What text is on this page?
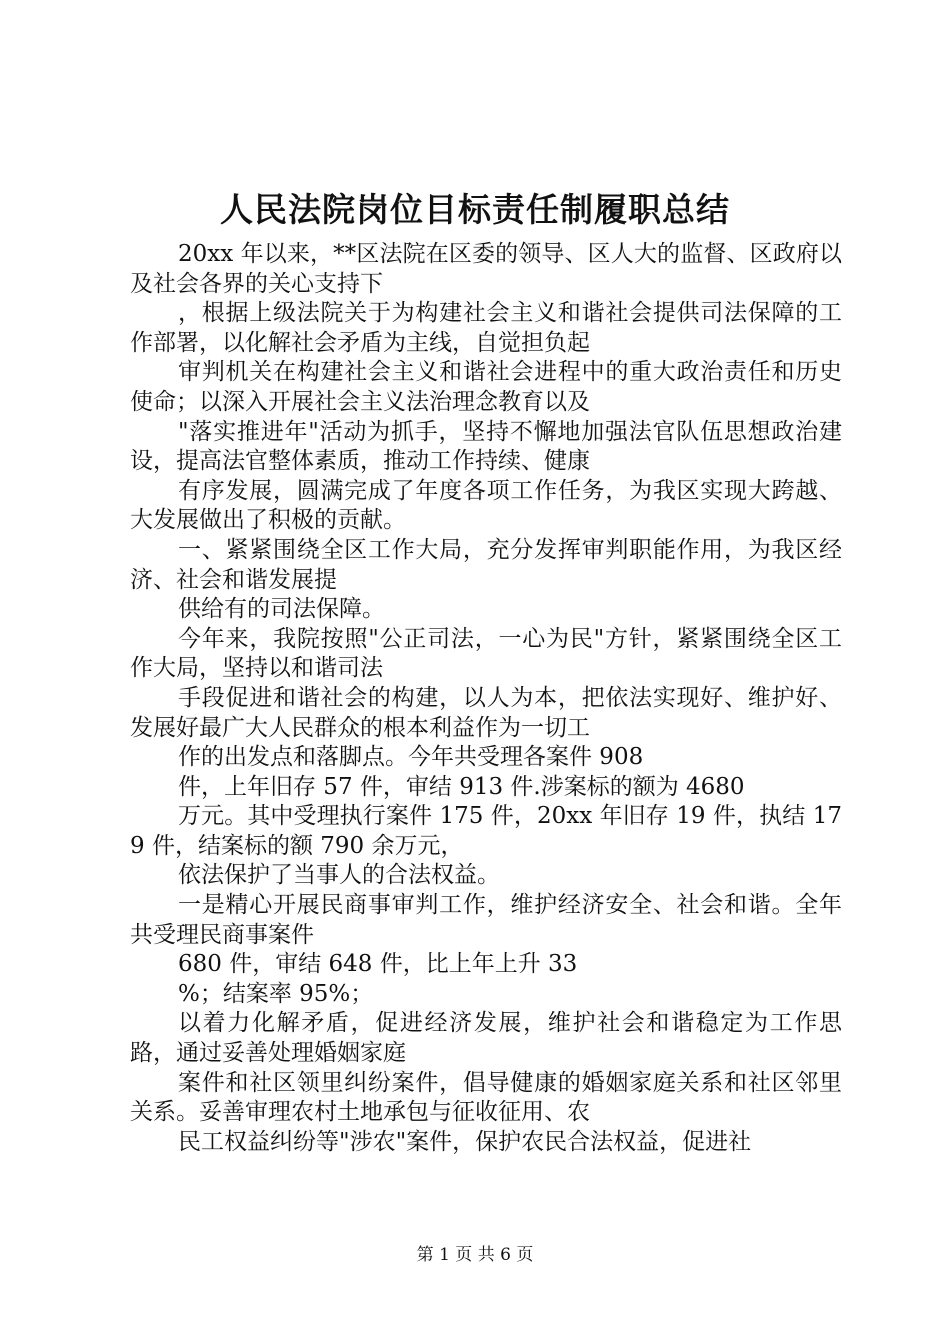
人民法院岗位目标责任制履职总结

20xx 年以来，**区法院在区委的领导、区人大的监督、区政府以及社会各界的关心支持下

，根据上级法院关于为构建社会主义和谐社会提供司法保障的工作部署，以化解社会矛盾为主线，自觉担负起

审判机关在构建社会主义和谐社会进程中的重大政治责任和历史使命；以深入开展社会主义法治理念教育以及

"落实推进年"活动为抓手，坚持不懈地加强法官队伍思想政治建设，提高法官整体素质，推动工作持续、健康

有序发展，圆满完成了年度各项工作任务，为我区实现大跨越、大发展做出了积极的贡献。

一、紧紧围绕全区工作大局，充分发挥审判职能作用，为我区经济、社会和谐发展提

供给有的司法保障。

今年来，我院按照"公正司法，一心为民"方针，紧紧围绕全区工作大局，坚持以和谐司法

手段促进和谐社会的构建，以人为本，把依法实现好、维护好、发展好最广大人民群众的根本利益作为一切工

作的出发点和落脚点。今年共受理各案件 908

件，上年旧存 57 件，审结 913 件.涉案标的额为 4680

万元。其中受理执行案件 175 件，20xx 年旧存 19 件，执结 179 件，结案标的额 790 余万元，

依法保护了当事人的合法权益。

一是精心开展民商事审判工作，维护经济安全、社会和谐。全年共受理民商事案件

680 件，审结 648 件，比上年上升 33

%；结案率 95%；

以着力化解矛盾，促进经济发展，维护社会和谐稳定为工作思路，通过妥善处理婚姻家庭

案件和社区领里纠纷案件，倡导健康的婚姻家庭关系和社区邻里关系。妥善审理农村土地承包与征收征用、农

民工权益纠纷等"涉农"案件，保护农民合法权益，促进社

第 1 页 共 6 页
